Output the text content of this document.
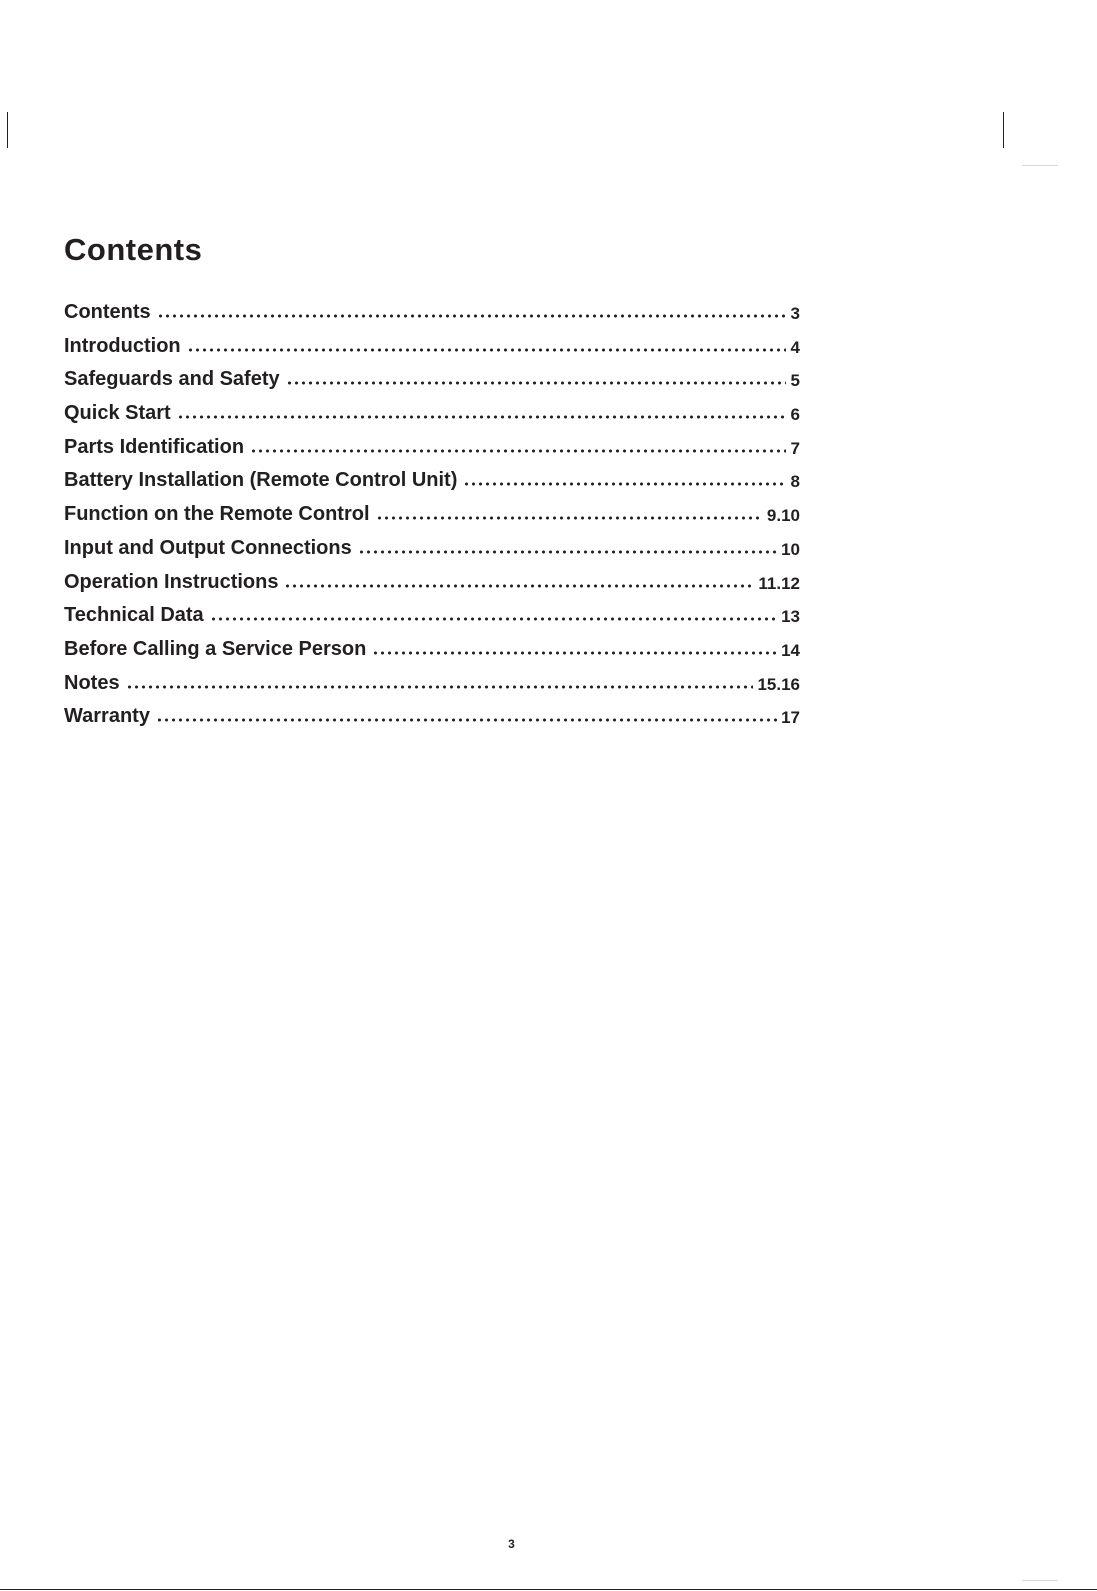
Contents
Contents	3
Introduction	4
Safeguards and Safety	5
Quick Start	6
Parts Identification	7
Battery Installation (Remote Control Unit)	8
Function on the Remote Control	9.10
Input and Output Connections	10
Operation Instructions	11.12
Technical Data	13
Before Calling a Service Person	14
Notes	15.16
Warranty	17
3
